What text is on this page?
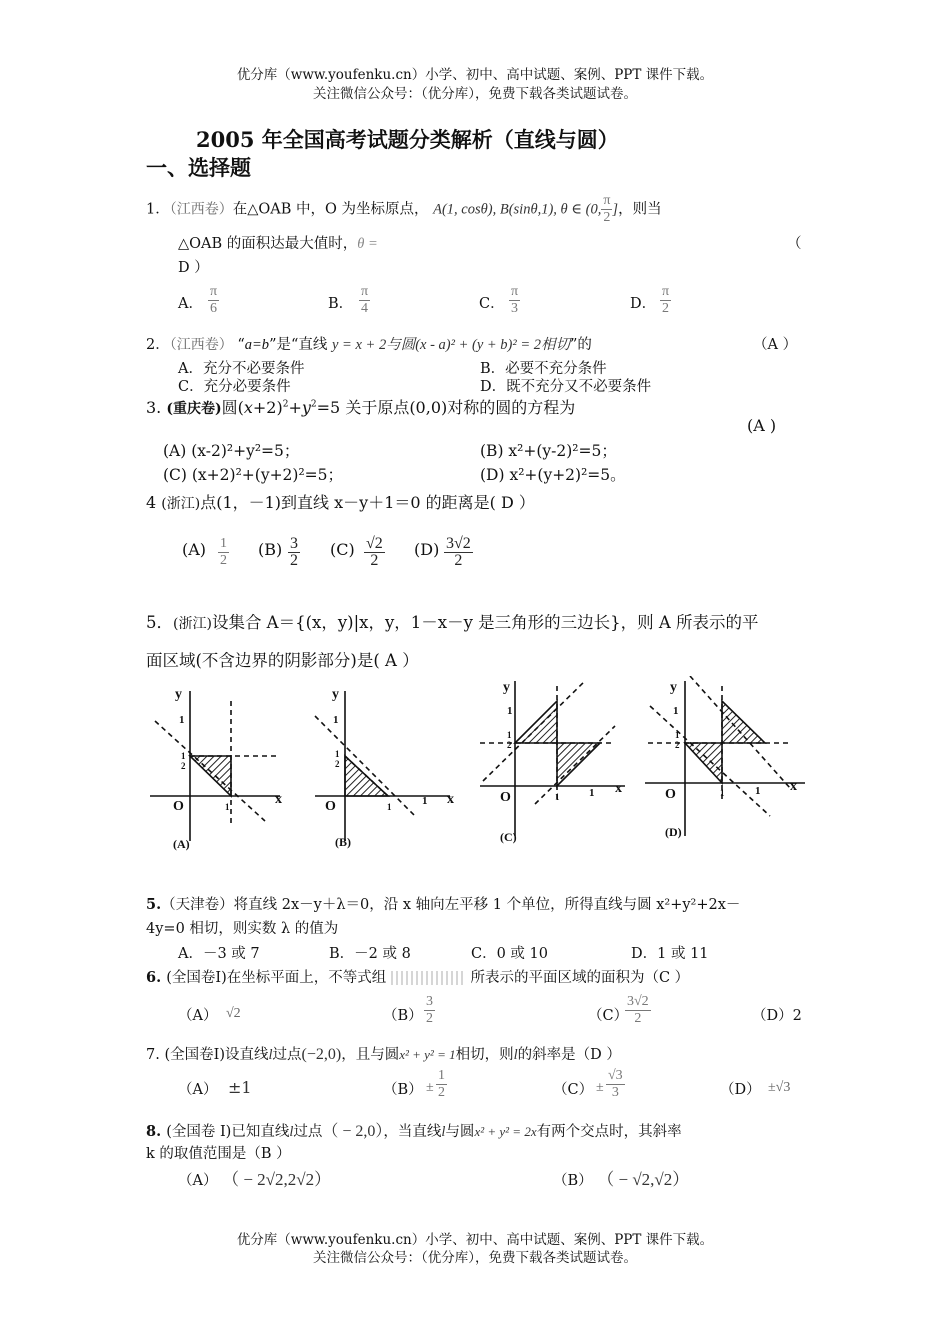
优分库（www.youfenku.cn）小学、初中、高中试题、案例、PPT 课件下载。
关注微信公众号：（优分库），免费下载各类试题试卷。
2005 年全国高考试题分类解析（直线与圆）
一、选择题
1．（江西卷）在△OAB 中，O 为坐标原点， A(1, cosθ), B(sinθ,1), θ ∈ (0, $\frac{\pi}{2}$ ]，则当
△OAB 的面积达最大值时，θ =	（
D ）
A． $\frac{\pi}{6}$	B． $\frac{\pi}{4}$	C． $\frac{\pi}{3}$	D． $\frac{\pi}{2}$
2．（江西卷） “a=b”是“直线 y = x + 2与圆(x - a)² + (y + b)² = 2相切”的	（A ）
A．充分不必要条件	B．必要不充分条件
C．充分必要条件	D．既不充分又不必要条件
3. (重庆卷)圆$(x+2)^2+y^2=5$ 关于原点(0,0)对称的圆的方程为
(A )
(A) (x-2)²+y²=5；	(B) x²+(y-2)²=5；
(C) (x+2)²+(y+2)²=5；	(D) x²+(y+2)²=5。
4 (浙江)点(1，－1)到直线 x－y＋1＝0 的距离是( D ）
$(A) \frac{1}{2} (B) \frac{3}{2} (C) \frac{√2}{2} (D) \frac{3√2}{2}$
5．(浙江)设集合 A＝{(x，y)|x，y，1－x－y 是三角形的三边长}，则 A 所表示的平
面区域(不含边界的阴影部分)是( A ）
y
x
O
1
1
2
1
(A)
y
x
O
1
1
2
1	1
(B)
y
x
O
1
1
2
1	1
(C)
y
x
O
1
1
2
1	1
(D)
5.（天津卷）将直线 2x－y＋λ＝0，沿 x 轴向左平移 1 个单位，所得直线与圆 x²+y²+2x－
4y=0 相切，则实数 λ 的值为
A．－3 或 7	B．－2 或 8	C．0 或 10	D．1 或 11
6. (全国卷Ⅰ)在坐标平面上，不等式组	所表示的平面区域的面积为（C ）
（A） √2	$(B) \frac{3}{2}$	（C）
$\frac{3√2}{2}$	（D）2
7. (全国卷Ⅰ)设直线l过点(−2,0)，且与圆x² + y² = 1相切，则l的斜率是（D ）
（A） ±1	$(B) \pm \frac{1}{2}$	$(C) \pm \frac{√3}{3}$	（D） ±√3
8. (全国卷 I)已知直线l过点（ − 2,0），当直线l与圆x² + y² = 2x有两个交点时，其斜率
k 的取值范围是（B ）
（A） （ − 2√2,2√2）	（B） （ − √2,√2）
优分库（www.youfenku.cn）小学、初中、高中试题、案例、PPT 课件下载。
关注微信公众号：（优分库），免费下载各类试题试卷。
